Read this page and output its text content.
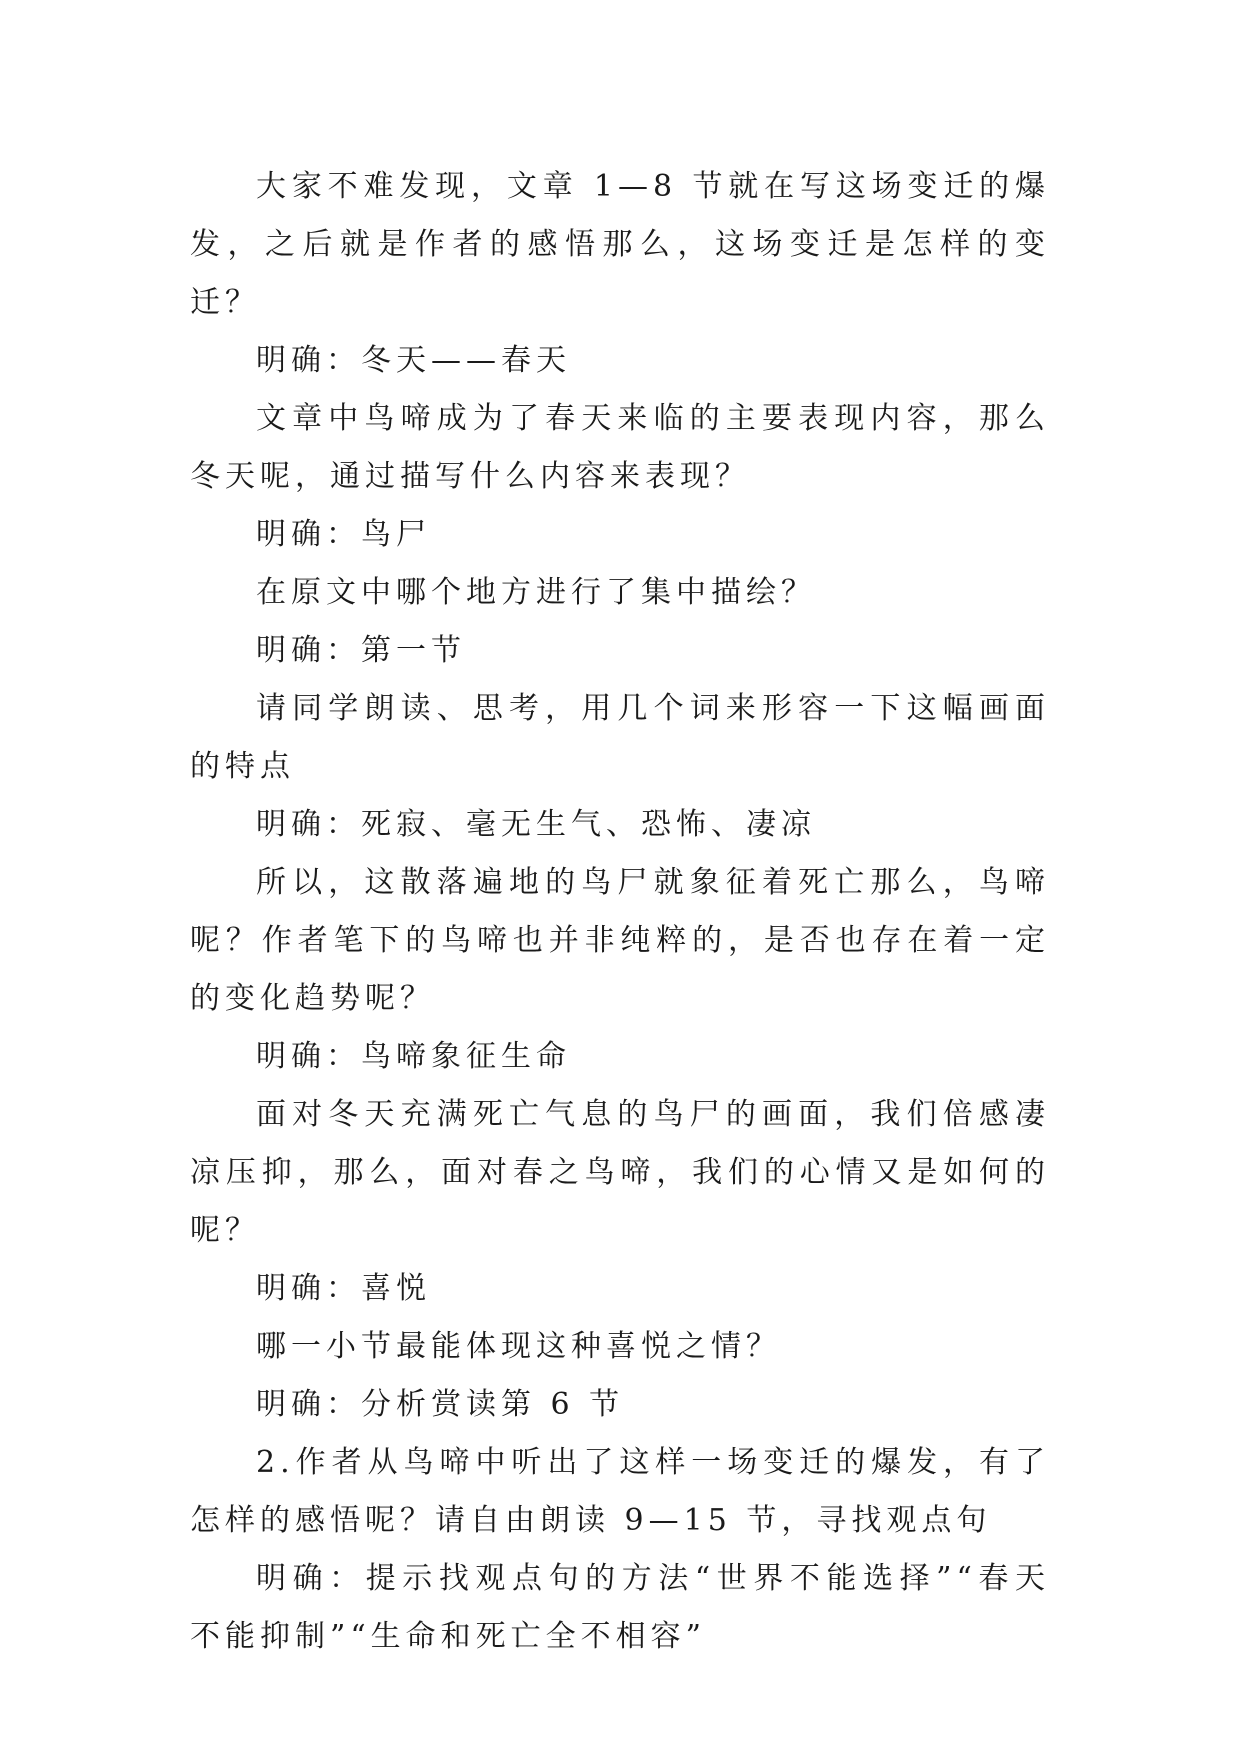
大家不难发现，文章 1—8 节就在写这场变迁的爆发，之后就是作者的感悟那么，这场变迁是怎样的变迁？

明确：冬天——春天

文章中鸟啼成为了春天来临的主要表现内容，那么冬天呢，通过描写什么内容来表现？

明确：鸟尸

在原文中哪个地方进行了集中描绘？

明确：第一节

请同学朗读、思考，用几个词来形容一下这幅画面的特点

明确：死寂、毫无生气、恐怖、凄凉

所以，这散落遍地的鸟尸就象征着死亡那么，鸟啼呢？作者笔下的鸟啼也并非纯粹的，是否也存在着一定的变化趋势呢？

明确：鸟啼象征生命

面对冬天充满死亡气息的鸟尸的画面，我们倍感凄凉压抑，那么，面对春之鸟啼，我们的心情又是如何的呢？

明确：喜悦

哪一小节最能体现这种喜悦之情？

明确：分析赏读第 6 节

2.作者从鸟啼中听出了这样一场变迁的爆发，有了怎样的感悟呢？请自由朗读 9—15 节，寻找观点句

明确：提示找观点句的方法“世界不能选择”“春天不能抑制”“生命和死亡全不相容”
